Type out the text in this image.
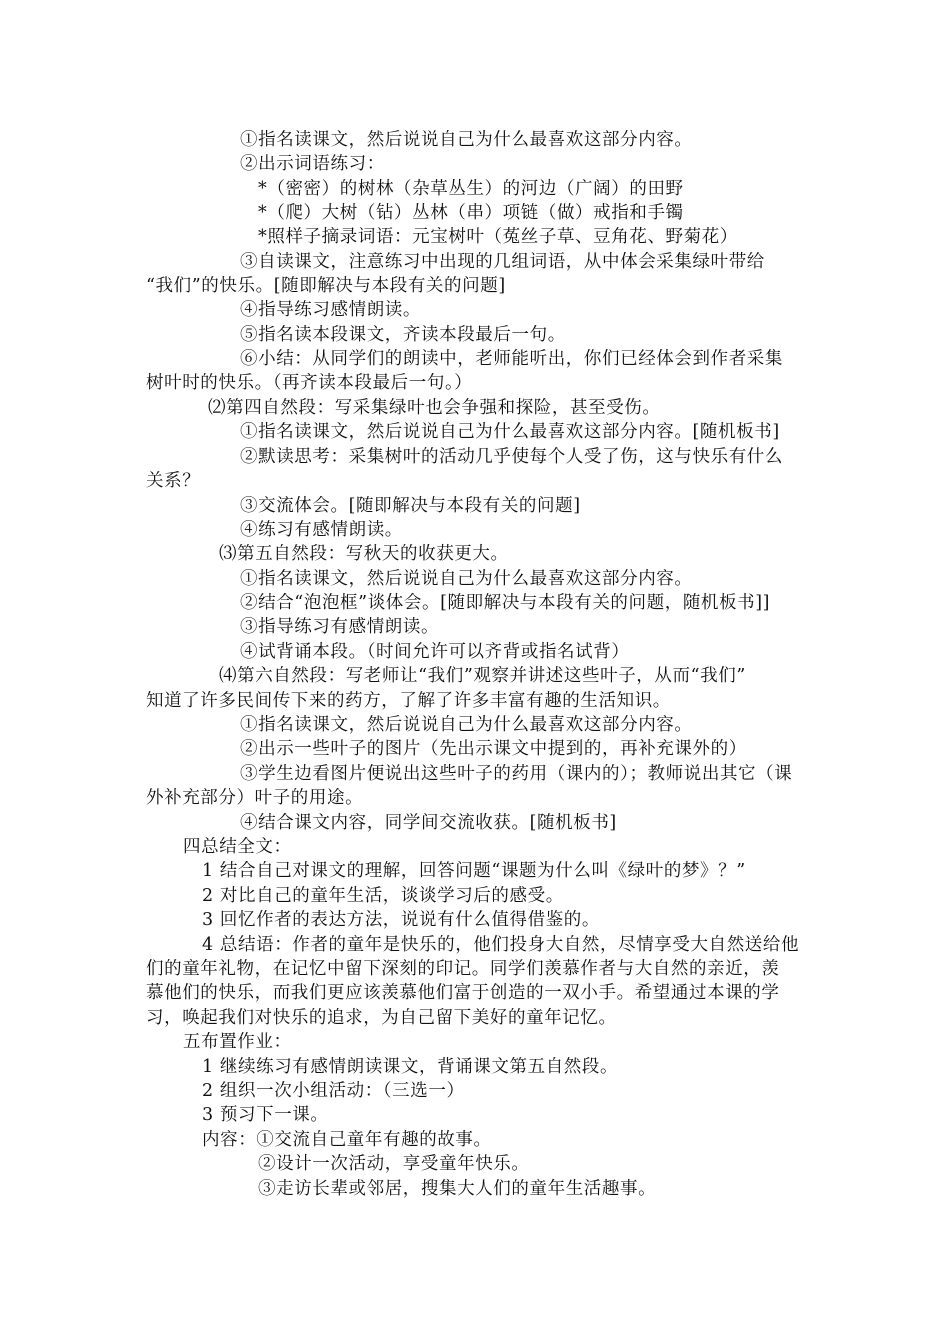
①指名读课文，然后说说自己为什么最喜欢这部分内容。
②出示词语练习：
*（密密）的树林（杂草丛生）的河边（广阔）的田野
*（爬）大树（钻）丛林（串）项链（做）戒指和手镯
*照样子摘录词语：元宝树叶（菟丝子草、豆角花、野菊花）
③自读课文，注意练习中出现的几组词语，从中体会采集绿叶带给
“我们”的快乐。[随即解决与本段有关的问题]
④指导练习感情朗读。
⑤指名读本段课文，齐读本段最后一句。
⑥小结：从同学们的朗读中，老师能听出，你们已经体会到作者采集
树叶时的快乐。（再齐读本段最后一句。）
⑵第四自然段：写采集绿叶也会争强和探险，甚至受伤。
①指名读课文，然后说说自己为什么最喜欢这部分内容。[随机板书]
②默读思考：采集树叶的活动几乎使每个人受了伤，这与快乐有什么
关系？
③交流体会。[随即解决与本段有关的问题]
④练习有感情朗读。
⑶第五自然段：写秋天的收获更大。
①指名读课文，然后说说自己为什么最喜欢这部分内容。
②结合“泡泡框”谈体会。[随即解决与本段有关的问题，随机板书]]
③指导练习有感情朗读。
④试背诵本段。（时间允许可以齐背或指名试背）
⑷第六自然段：写老师让“我们”观察并讲述这些叶子，从而“我们”
知道了许多民间传下来的药方，了解了许多丰富有趣的生活知识。
①指名读课文，然后说说自己为什么最喜欢这部分内容。
②出示一些叶子的图片（先出示课文中提到的，再补充课外的）
③学生边看图片便说出这些叶子的药用（课内的）；教师说出其它（课
外补充部分）叶子的用途。
④结合课文内容，同学间交流收获。[随机板书]
四总结全文：
1 结合自己对课文的理解，回答问题“课题为什么叫《绿叶的梦》？”
2 对比自己的童年生活，谈谈学习后的感受。
3 回忆作者的表达方法，说说有什么值得借鉴的。
4 总结语：作者的童年是快乐的，他们投身大自然，尽情享受大自然送给他
们的童年礼物，在记忆中留下深刻的印记。同学们羡慕作者与大自然的亲近，羡
慕他们的快乐，而我们更应该羡慕他们富于创造的一双小手。希望通过本课的学
习，唤起我们对快乐的追求，为自己留下美好的童年记忆。
五布置作业：
1 继续练习有感情朗读课文，背诵课文第五自然段。
2 组织一次小组活动：（三选一）
3 预习下一课。
内容：①交流自己童年有趣的故事。
②设计一次活动，享受童年快乐。
③走访长辈或邻居，搜集大人们的童年生活趣事。
